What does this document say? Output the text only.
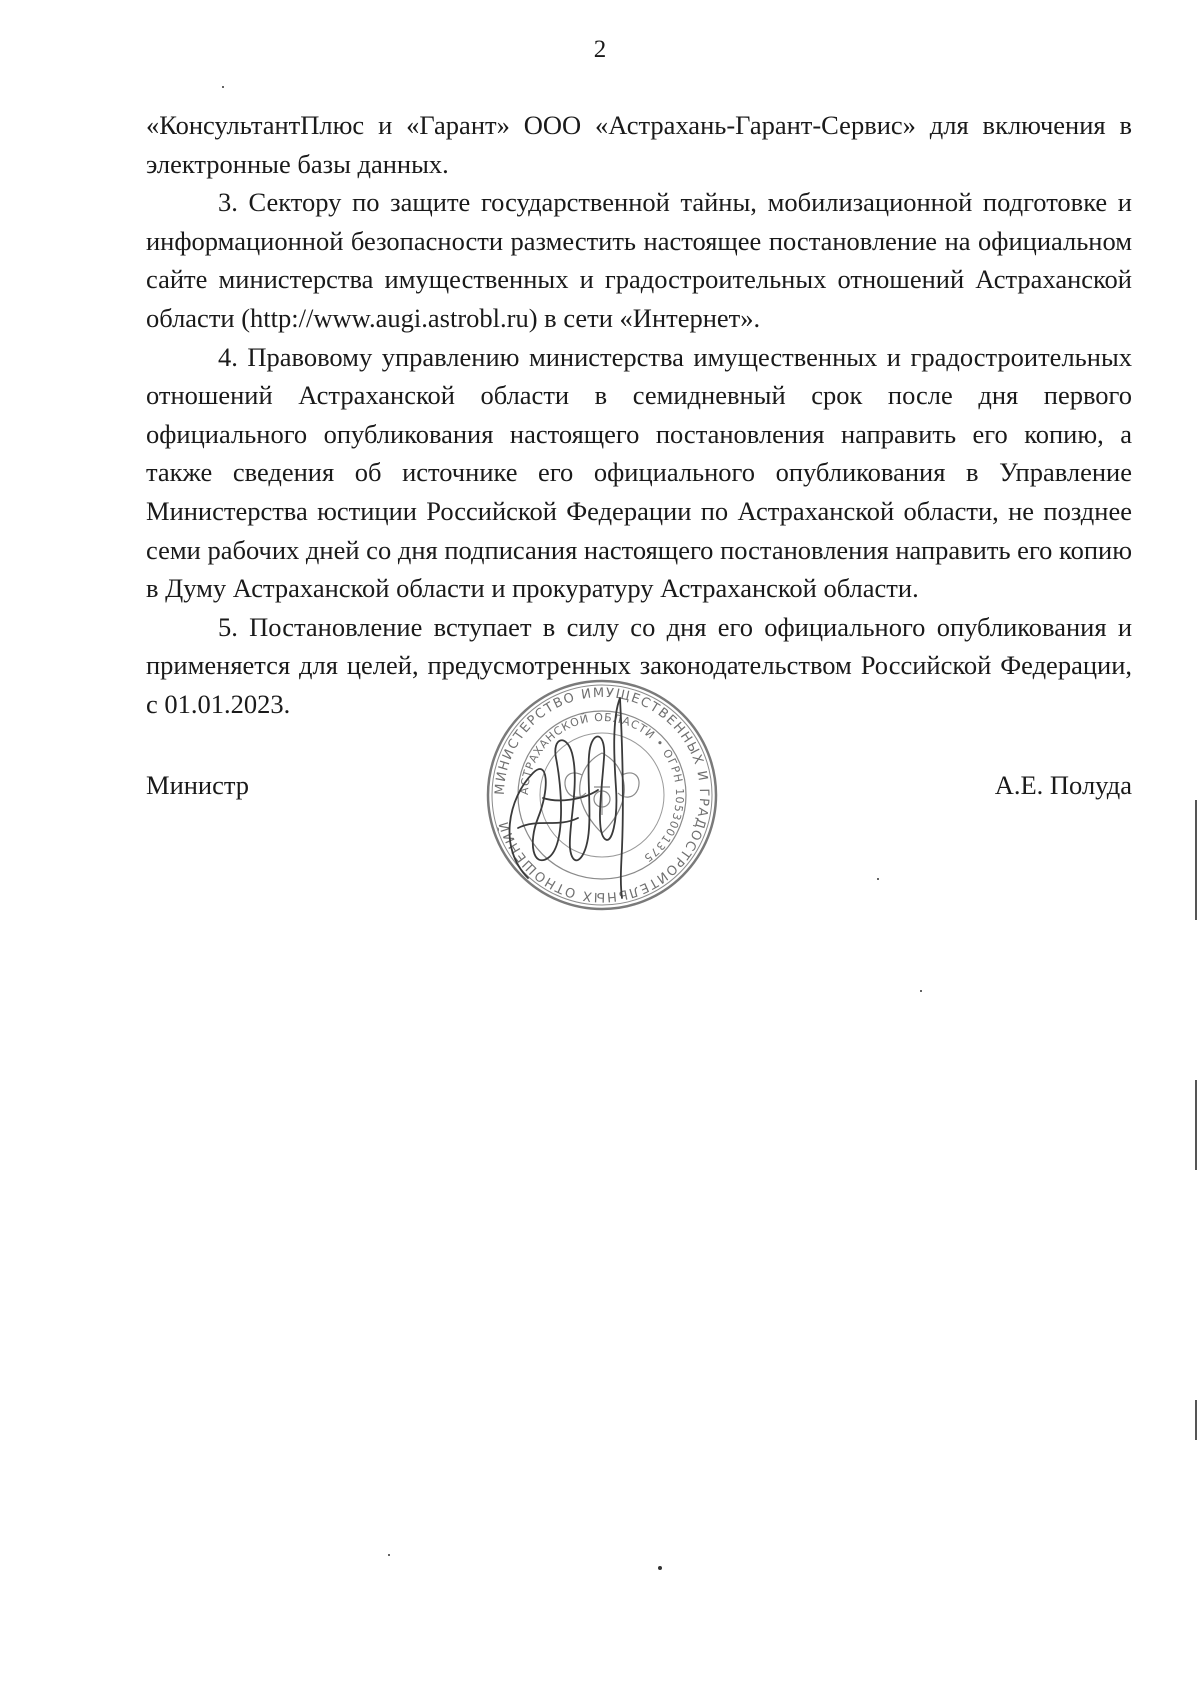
2

«КонсультантПлюс и «Гарант» ООО «Астрахань-Гарант-Сервис» для включения в электронные базы данных.

3. Сектору по защите государственной тайны, мобилизационной подготовке и информационной безопасности разместить настоящее постановление на официальном сайте министерства имущественных и градостроительных отношений Астраханской области (http://www.augi.astrobl.ru) в сети «Интернет».

4. Правовому управлению министерства имущественных и градостроительных отношений Астраханской области в семидневный срок после дня первого официального опубликования настоящего постановления направить его копию, а также сведения об источнике его официального опубликования в Управление Министерства юстиции Российской Федерации по Астраханской области, не позднее семи рабочих дней со дня подписания настоящего постановления направить его копию в Думу Астраханской области и прокуратуру Астраханской области.

5. Постановление вступает в силу со дня его официального опубликования и применяется для целей, предусмотренных законодательством Российской Федерации, с 01.01.2023.

МИНИСТЕРСТВО ИМУЩЕСТВЕННЫХ И ГРАДОСТРОИТЕЛЬНЫХ ОТНОШЕНИЙ
АСТРАХАНСКОЙ ОБЛАСТИ • ОГРН 1053001375
Министр	А.Е. Полуда
